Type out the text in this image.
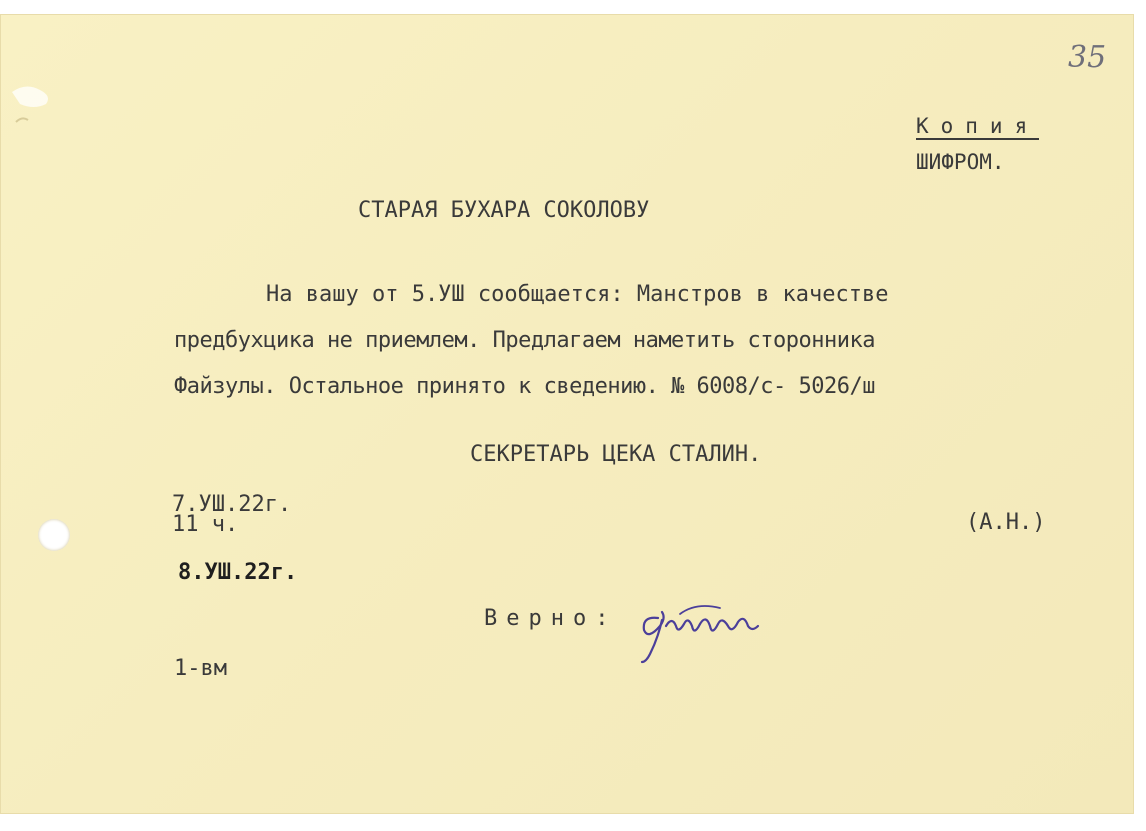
35
Копия
ШИФРОМ.
СТАРАЯ БУХАРА СОКОЛОВУ
На вашу от 5.УШ сообщается: Манстров в качестве
предбухцика не приемлем. Предлагаем наметить сторонника
Файзулы. Остальное принято к сведению. № 6008/с- 5026/ш
СЕКРЕТАРЬ ЦЕКА СТАЛИН.
7.УШ.22г.
11 ч.	(А.Н.)
8.УШ.22г.
Верно:
1-вм
